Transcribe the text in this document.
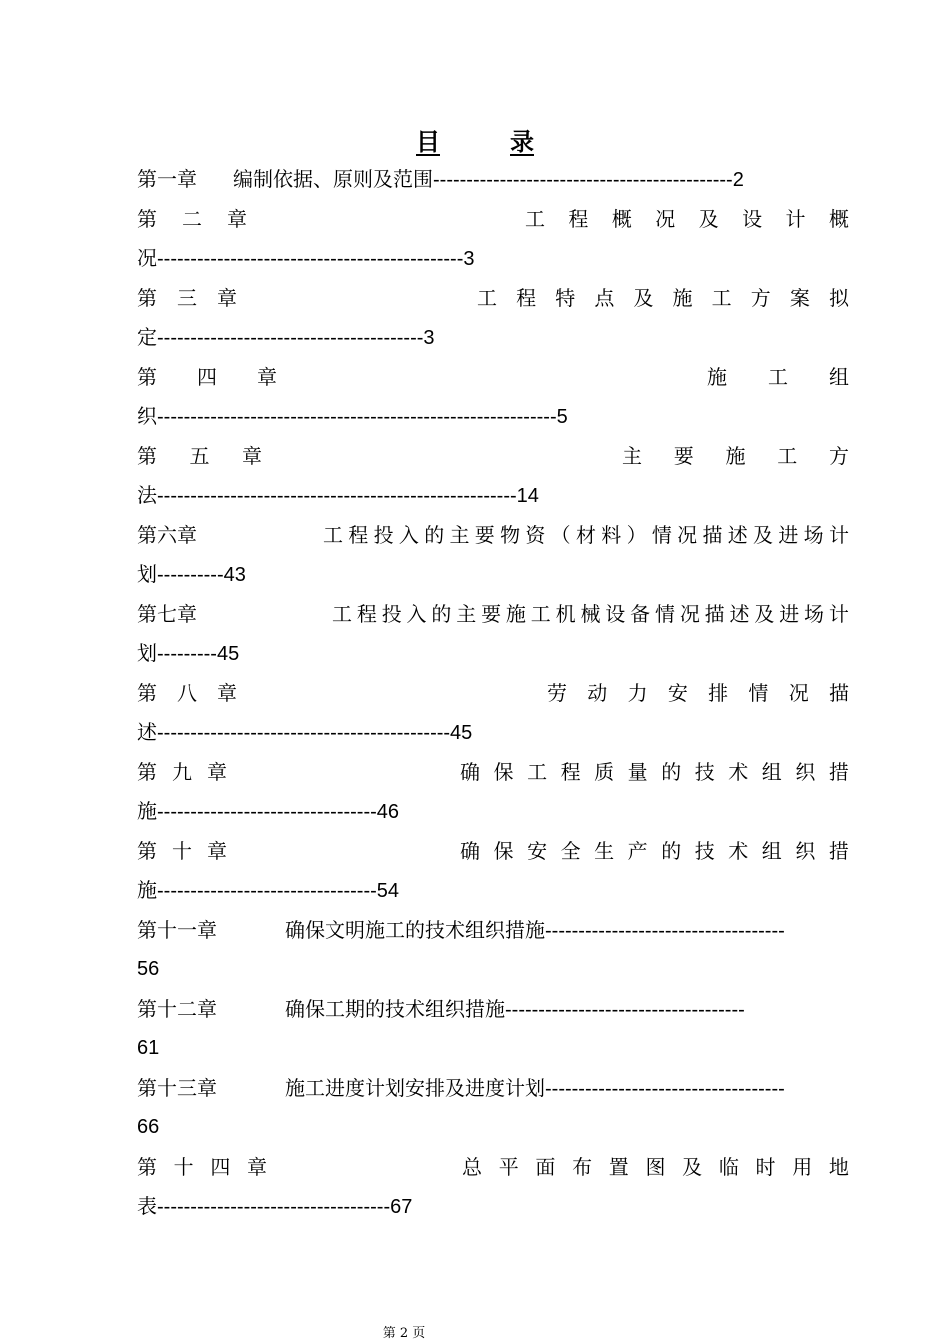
目	录
第一章 编制依据、原则及范围---------------------------------------------2
第 二 章	工 程 概 况 及 设 计 概
况----------------------------------------------3
第 三 章	工 程 特 点 及 施 工 方 案 拟
定----------------------------------------3
第 四 章	施 工 组
织------------------------------------------------------------5
第 五 章	主 要 施 工 方
法------------------------------------------------------14
第六章	工 程 投 入 的 主 要 物 资 （ 材 料 ） 情 况 描 述 及 进 场 计
划----------43
第七章	工 程 投 入 的 主 要 施 工 机 械 设 备 情 况 描 述 及 进 场 计
划---------45
第 八 章	劳 动 力 安 排 情 况 描
述--------------------------------------------45
第 九 章	确 保 工 程 质 量 的 技 术 组 织 措
施---------------------------------46
第 十 章	确 保 安 全 生 产 的 技 术 组 织 措
施---------------------------------54
第十一章	确保文明施工的技术组织措施------------------------------------
56
第十二章	确保工期的技术组织措施------------------------------------
61
第十三章	施工进度计划安排及进度计划------------------------------------
66
第 十 四 章	总 平 面 布 置 图 及 临 时 用 地
表-----------------------------------67
第 2 页
